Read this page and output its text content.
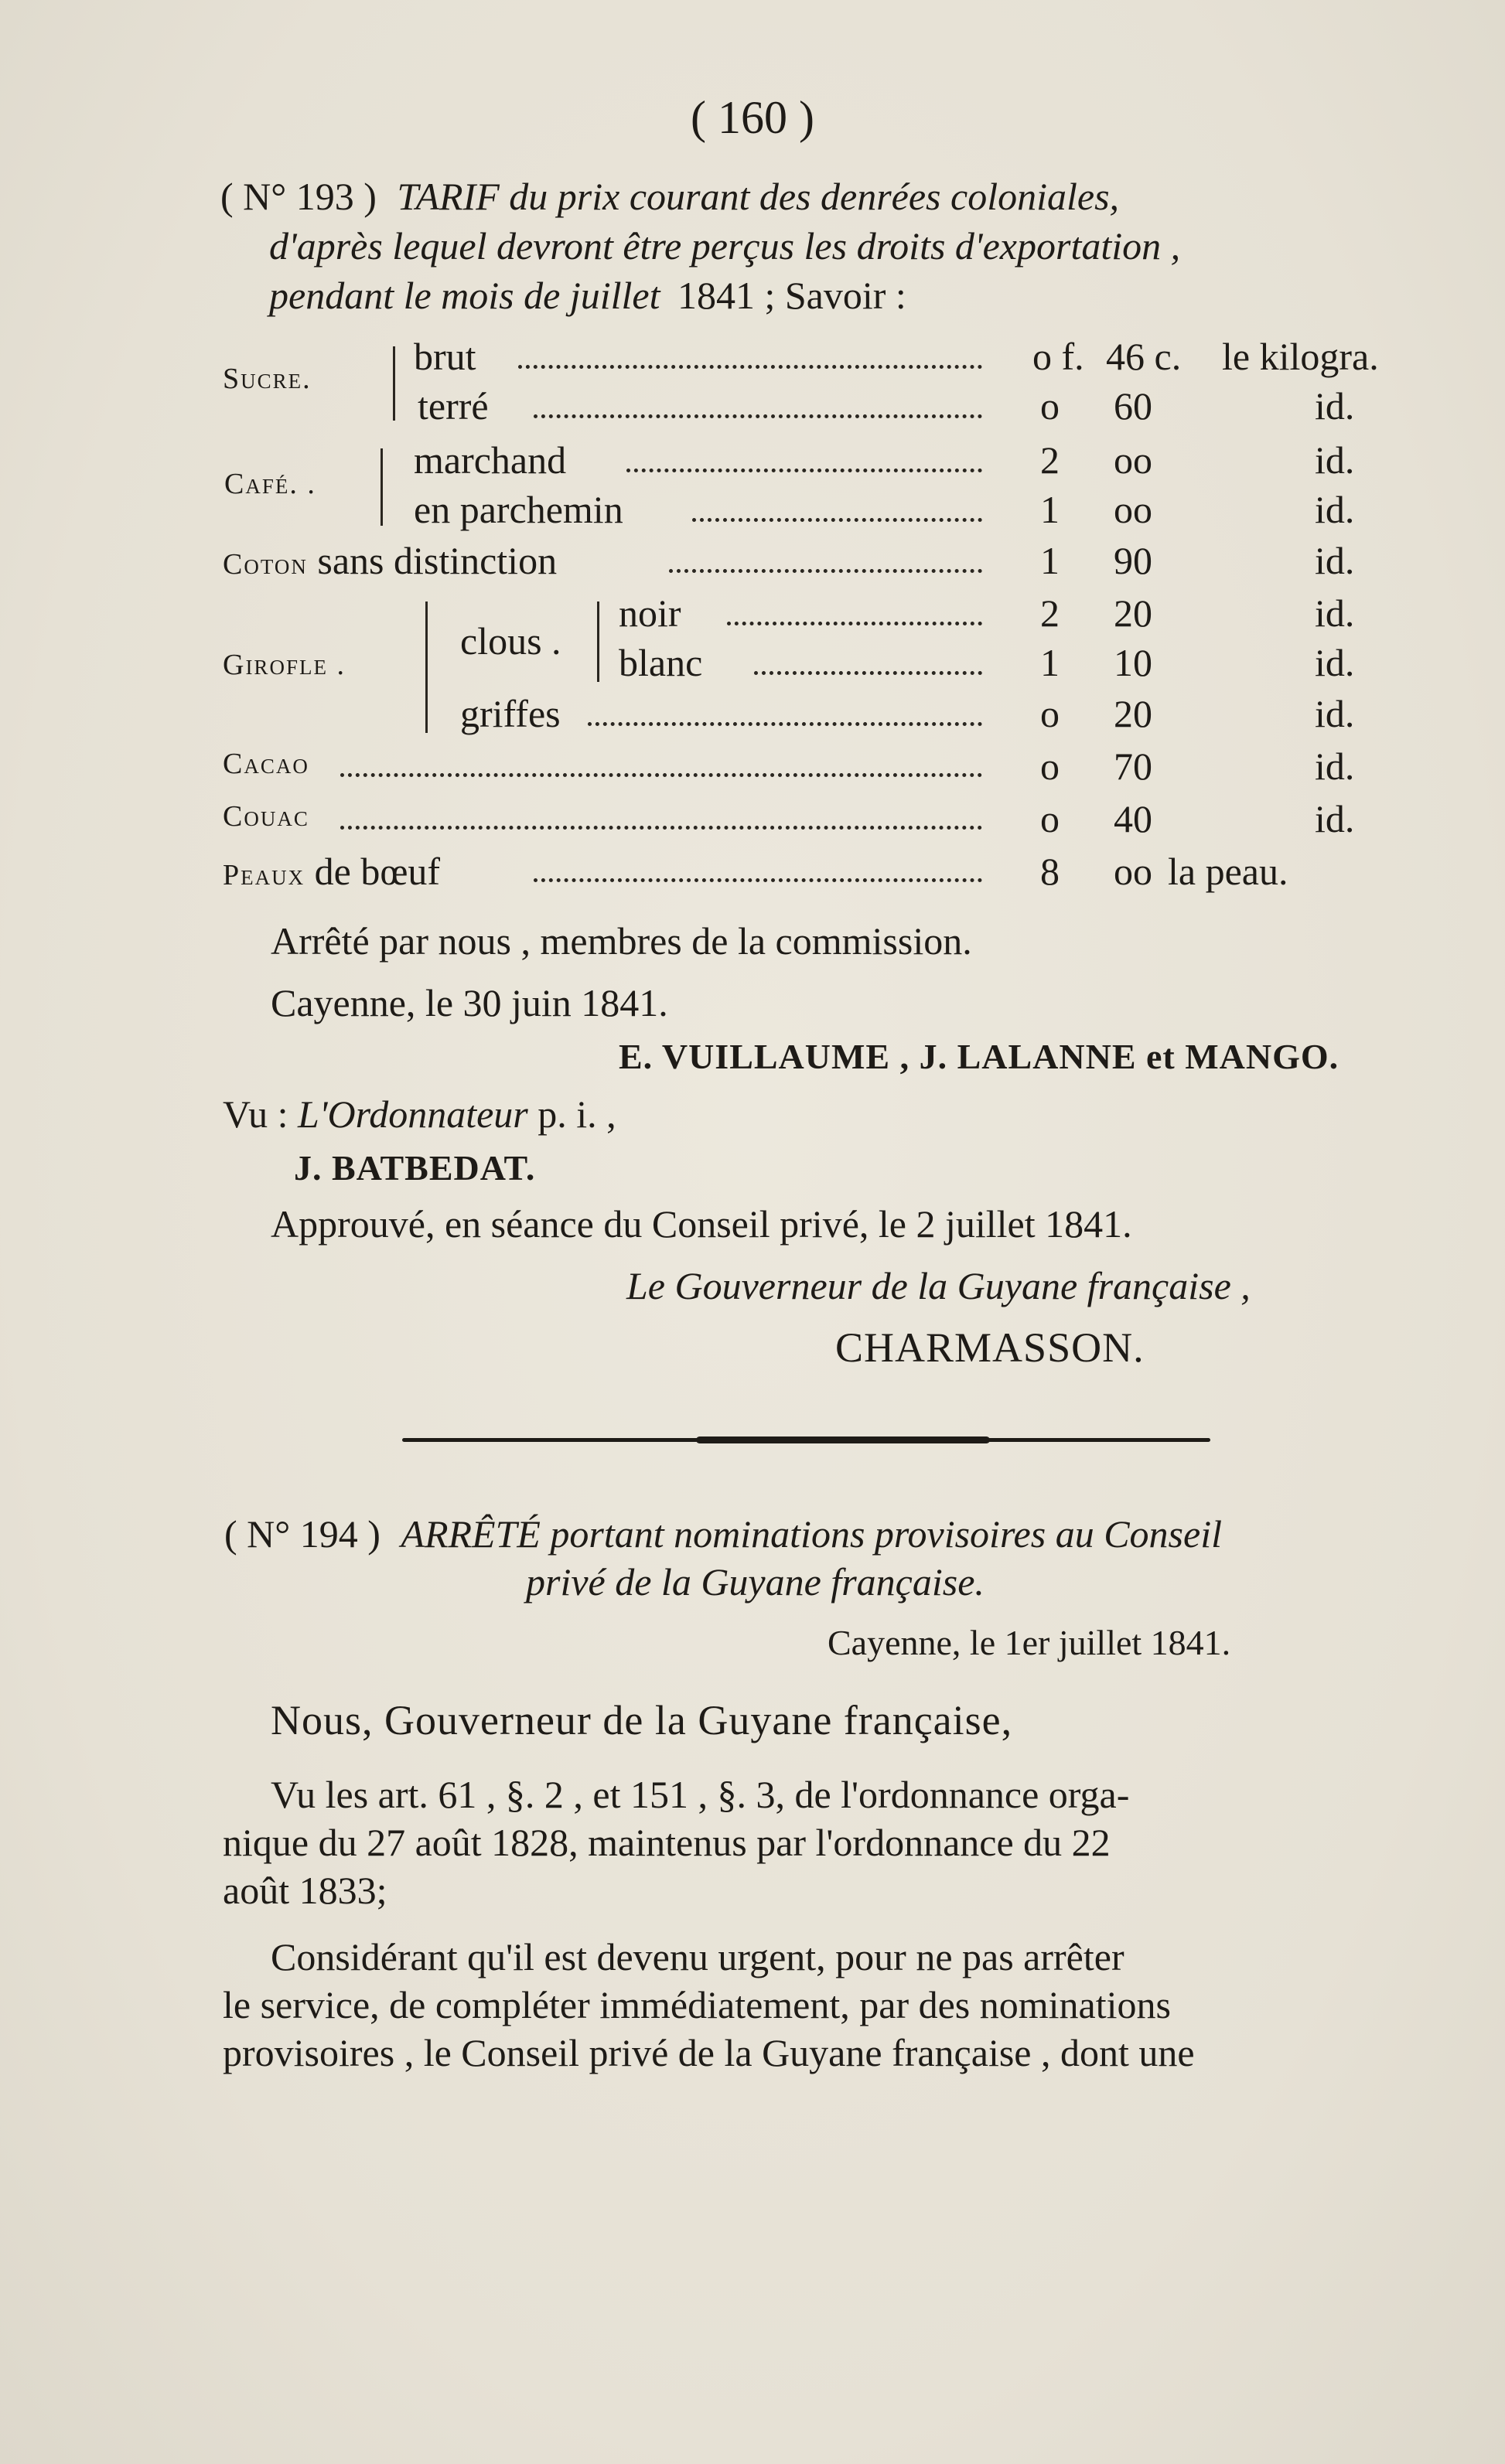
( 160 )
( N° 193 ) TARIF du prix courant des denrées coloniales,
d'après lequel devront être perçus les droits d'exportation ,
pendant le mois de juillet 1841 ; Savoir :
Sucre.
brut	o f. 46 c. le kilogra.
terré	o 60	id.
Café. .
marchand	2 oo	id.
en parchemin	1 oo	id.
Coton sans distinction	1 90	id.
Girofle .
clous .
noir	2 20	id.
blanc	1 10	id.
griffes	o 20	id.
Cacao	o 70	id.
Couac	o 40	id.
Peaux de bœuf	8 oo la peau.
Arrêté par nous , membres de la commission.
Cayenne, le 30 juin 1841.
E. VUILLAUME , J. LALANNE et MANGO.
Vu : L'Ordonnateur p. i. ,
J. BATBEDAT.
Approuvé, en séance du Conseil privé, le 2 juillet 1841.
Le Gouverneur de la Guyane française ,
CHARMASSON.
( N° 194 ) ARRÊTÉ portant nominations provisoires au Conseil
privé de la Guyane française.
Cayenne, le 1er juillet 1841.
Nous, Gouverneur de la Guyane française,
Vu les art. 61 , §. 2 , et 151 , §. 3, de l'ordonnance orga-
nique du 27 août 1828, maintenus par l'ordonnance du 22
août 1833;
Considérant qu'il est devenu urgent, pour ne pas arrêter
le service, de compléter immédiatement, par des nominations
provisoires , le Conseil privé de la Guyane française , dont une
